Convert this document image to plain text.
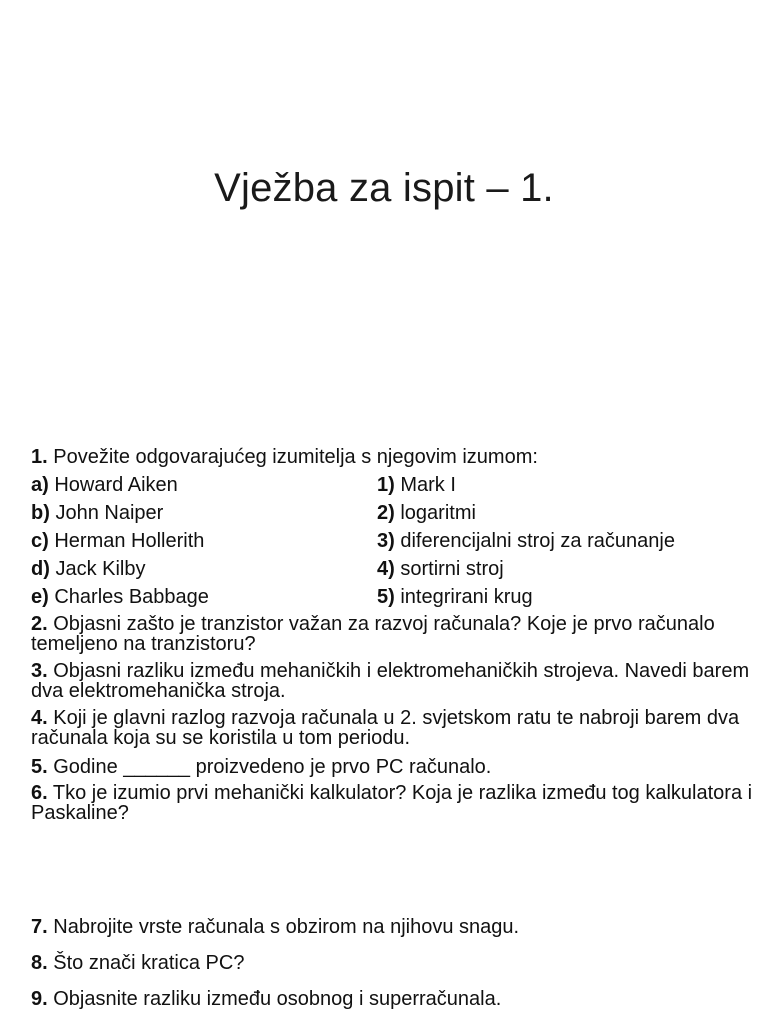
Vježba za ispit – 1.
1. Povežite odgovarajućeg izumitelja s njegovim izumom:
a) Howard Aiken	1) Mark I
b) John Naiper	2) logaritmi
c) Herman Hollerith	3) diferencijalni stroj za računanje
d) Jack Kilby	4) sortirni stroj
e) Charles Babbage	5) integrirani krug

2. Objasni zašto je tranzistor važan za razvoj računala? Koje je prvo računalo temeljeno na tranzistoru?

3. Objasni razliku između mehaničkih i elektromehaničkih strojeva. Navedi barem dva elektromehanička stroja.

4. Koji je glavni razlog razvoja računala u 2. svjetskom ratu te nabroji barem dva računala koja su se koristila u tom periodu.

5. Godine ______ proizvedeno je prvo PC računalo.

6. Tko je izumio prvi mehanički kalkulator? Koja je razlika između tog kalkulatora i Paskaline?

7. Nabrojite vrste računala s obzirom na njihovu snagu.
8. Što znači kratica PC?
9. Objasnite razliku između osobnog i superračunala.
